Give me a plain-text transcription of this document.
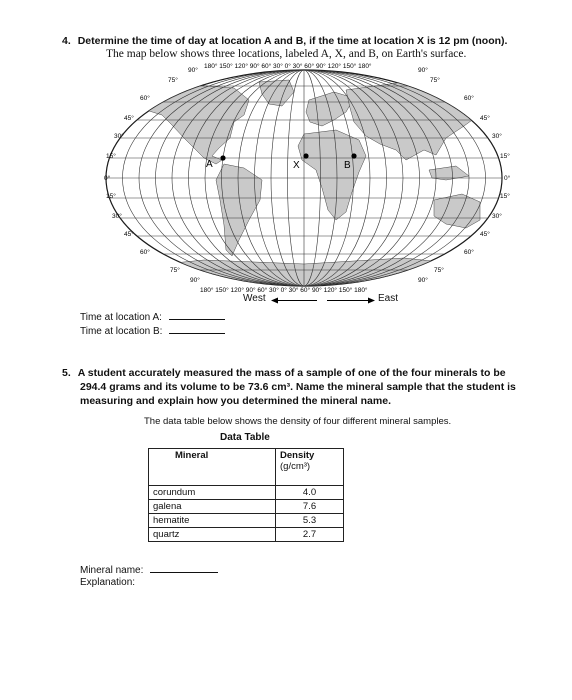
4. Determine the time of day at location A and B, if the time at location X is 12 pm (noon).
The map below shows three locations, labeled A, X, and B, on Earth's surface.
A	X	B
180° 150° 120° 90° 60° 30° 0° 30° 60° 90° 120° 150° 180°
180° 150° 120° 90° 60° 30° 0° 30° 60° 90° 120° 150° 180°
90°
75°
60°
45°
30°
15°
0°
15°
30°
45°
60°
75°
90°
90°
75°
60°
45°
30°
15°
0°
15°
30°
45°
60°
75°
90°
West	East
Time at location A:
Time at location B:
5. A student accurately measured the mass of a sample of one of the four minerals to be
294.4 grams and its volume to be 73.6 cm³. Name the mineral sample that the student is
measuring and explain how you determined the mineral name.
The data table below shows the density of four different mineral samples.
Data Table
Mineral	Density
(g/cm³)

corundum	4.0
galena	7.6
hematite	5.3
quartz	2.7
Mineral name:
Explanation:
